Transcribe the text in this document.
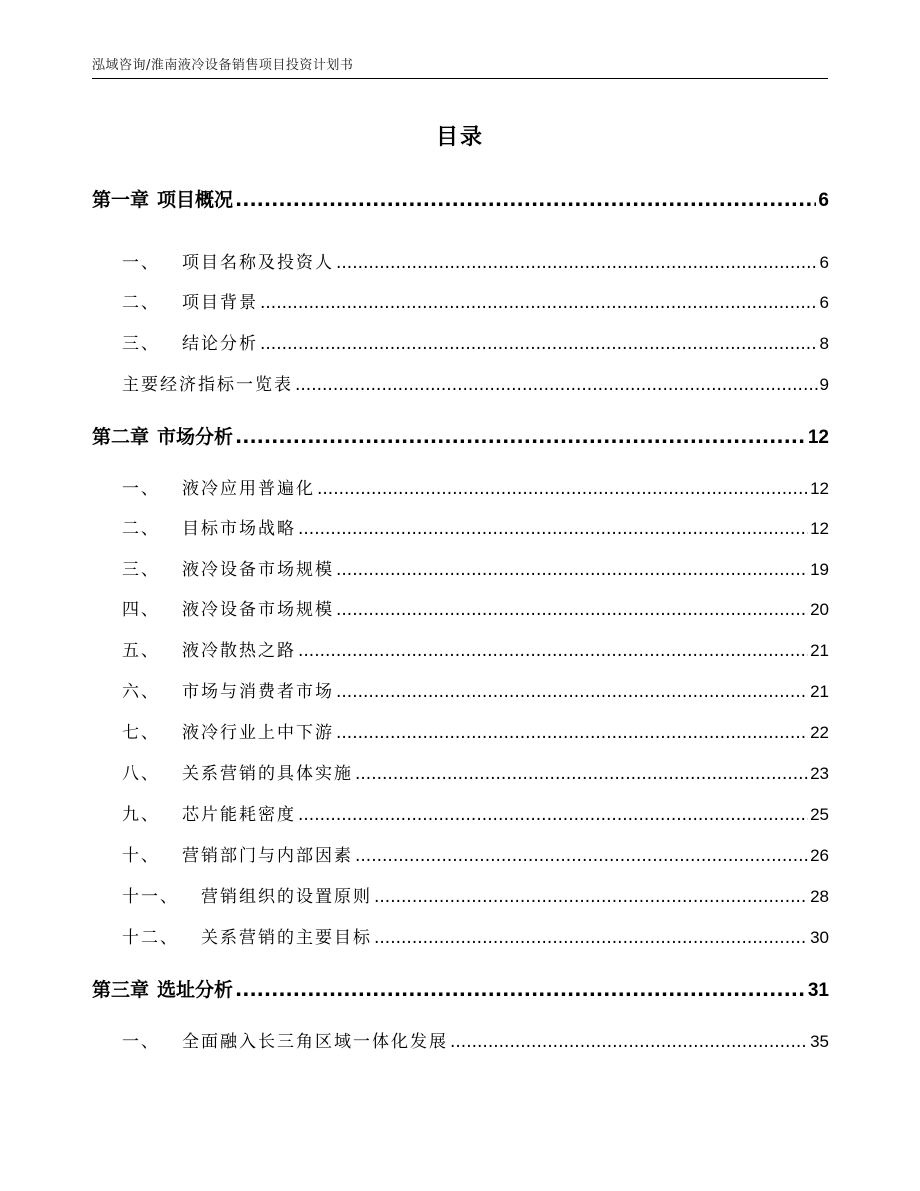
泓域咨询/淮南液冷设备销售项目投资计划书
目录
第一章 项目概况 .....	6
一、 项目名称及投资人 .....	6
二、 项目背景 .....	6
三、 结论分析 .....	8
主要经济指标一览表 .....	9
第二章 市场分析 .....	12
一、 液冷应用普遍化 .....	12
二、 目标市场战略 .....	12
三、 液冷设备市场规模 .....	19
四、 液冷设备市场规模 .....	20
五、 液冷散热之路 .....	21
六、 市场与消费者市场 .....	21
七、 液冷行业上中下游 .....	22
八、 关系营销的具体实施 .....	23
九、 芯片能耗密度 .....	25
十、 营销部门与内部因素 .....	26
十一、 营销组织的设置原则 .....	28
十二、 关系营销的主要目标 .....	30
第三章 选址分析 .....	31
一、 全面融入长三角区域一体化发展 .....	35
